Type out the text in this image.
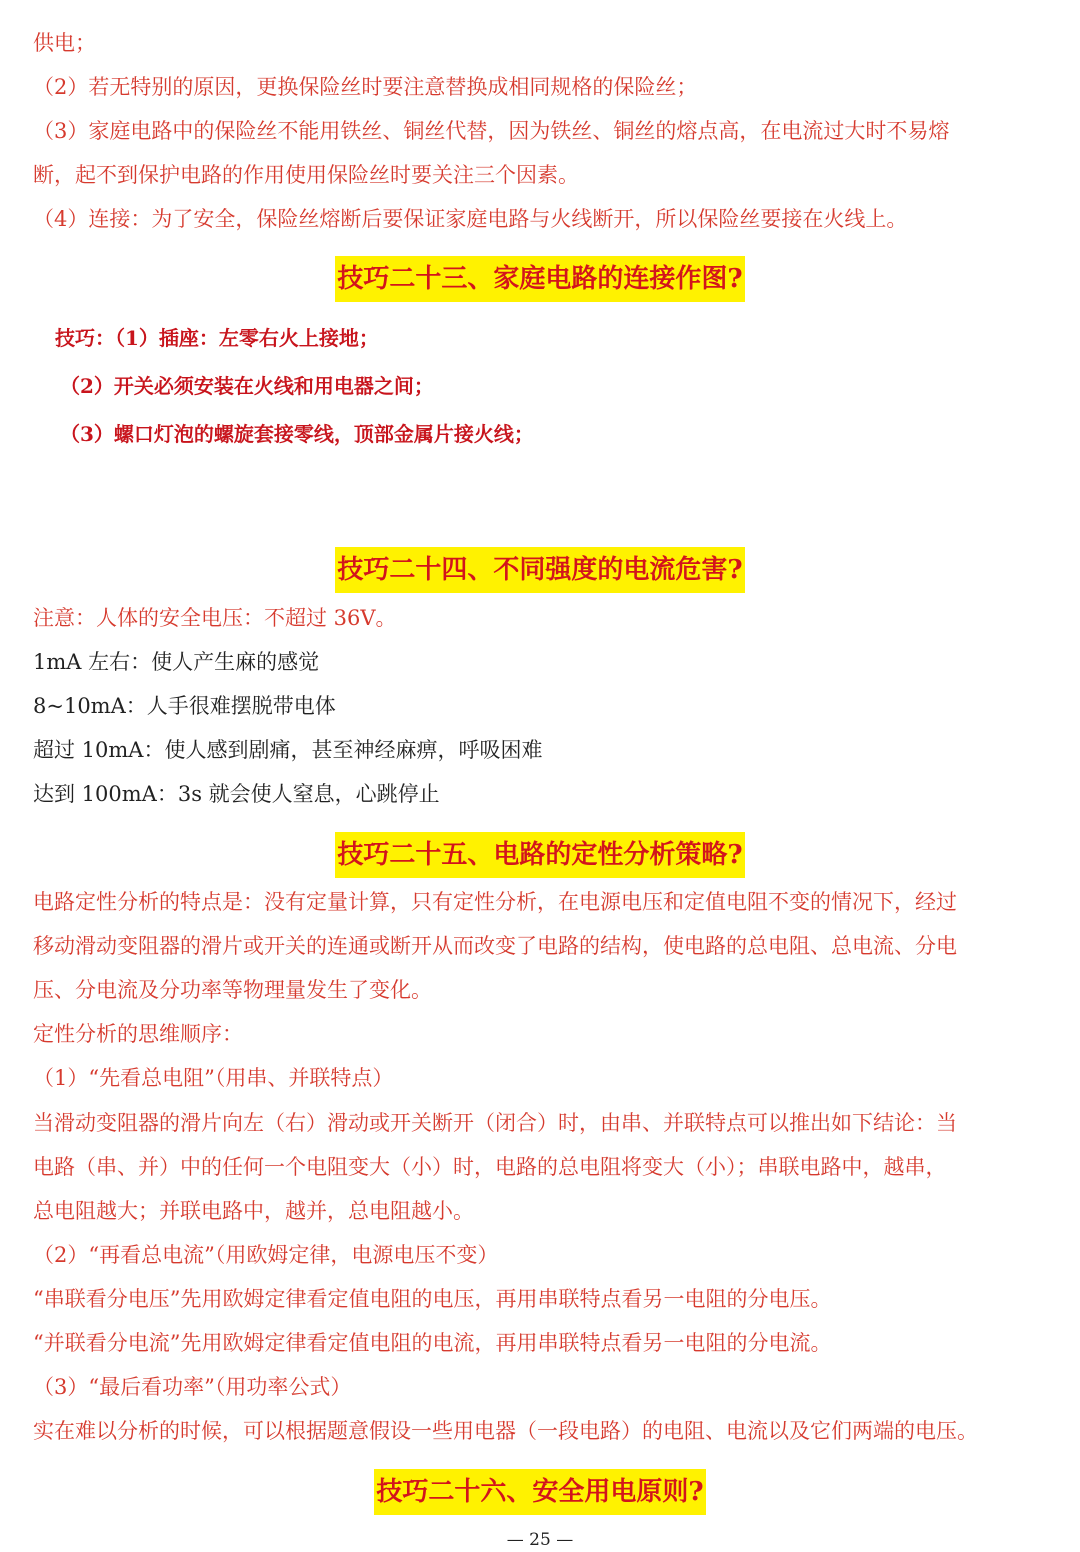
供电；
（2）若无特别的原因，更换保险丝时要注意替换成相同规格的保险丝；
（3）家庭电路中的保险丝不能用铁丝、铜丝代替，因为铁丝、铜丝的熔点高，在电流过大时不易熔
断，起不到保护电路的作用使用保险丝时要关注三个因素。
（4）连接：为了安全，保险丝熔断后要保证家庭电路与火线断开，所以保险丝要接在火线上。
技巧二十三、家庭电路的连接作图?
技巧：（1）插座：左零右火上接地；
（2）开关必须安装在火线和用电器之间；
（3）螺口灯泡的螺旋套接零线，顶部金属片接火线；
技巧二十四、不同强度的电流危害?
注意：人体的安全电压：不超过 36V。
1mA 左右：使人产生麻的感觉
8~10mA：人手很难摆脱带电体
超过 10mA：使人感到剧痛，甚至神经麻痹，呼吸困难
达到 100mA：3s 就会使人窒息，心跳停止
技巧二十五、电路的定性分析策略?
电路定性分析的特点是：没有定量计算，只有定性分析，在电源电压和定值电阻不变的情况下，经过
移动滑动变阻器的滑片或开关的连通或断开从而改变了电路的结构，使电路的总电阻、总电流、分电
压、分电流及分功率等物理量发生了变化。
定性分析的思维顺序：
（1）“先看总电阻”（用串、并联特点）
当滑动变阻器的滑片向左（右）滑动或开关断开（闭合）时，由串、并联特点可以推出如下结论：当
电路（串、并）中的任何一个电阻变大（小）时，电路的总电阻将变大（小）；串联电路中，越串，
总电阻越大；并联电路中，越并，总电阻越小。
（2）“再看总电流”（用欧姆定律，电源电压不变）
“串联看分电压”先用欧姆定律看定值电阻的电压，再用串联特点看另一电阻的分电压。
“并联看分电流”先用欧姆定律看定值电阻的电流，再用串联特点看另一电阻的分电流。
（3）“最后看功率”（用功率公式）
实在难以分析的时候，可以根据题意假设一些用电器（一段电路）的电阻、电流以及它们两端的电压。
技巧二十六、安全用电原则?
— 25 —
